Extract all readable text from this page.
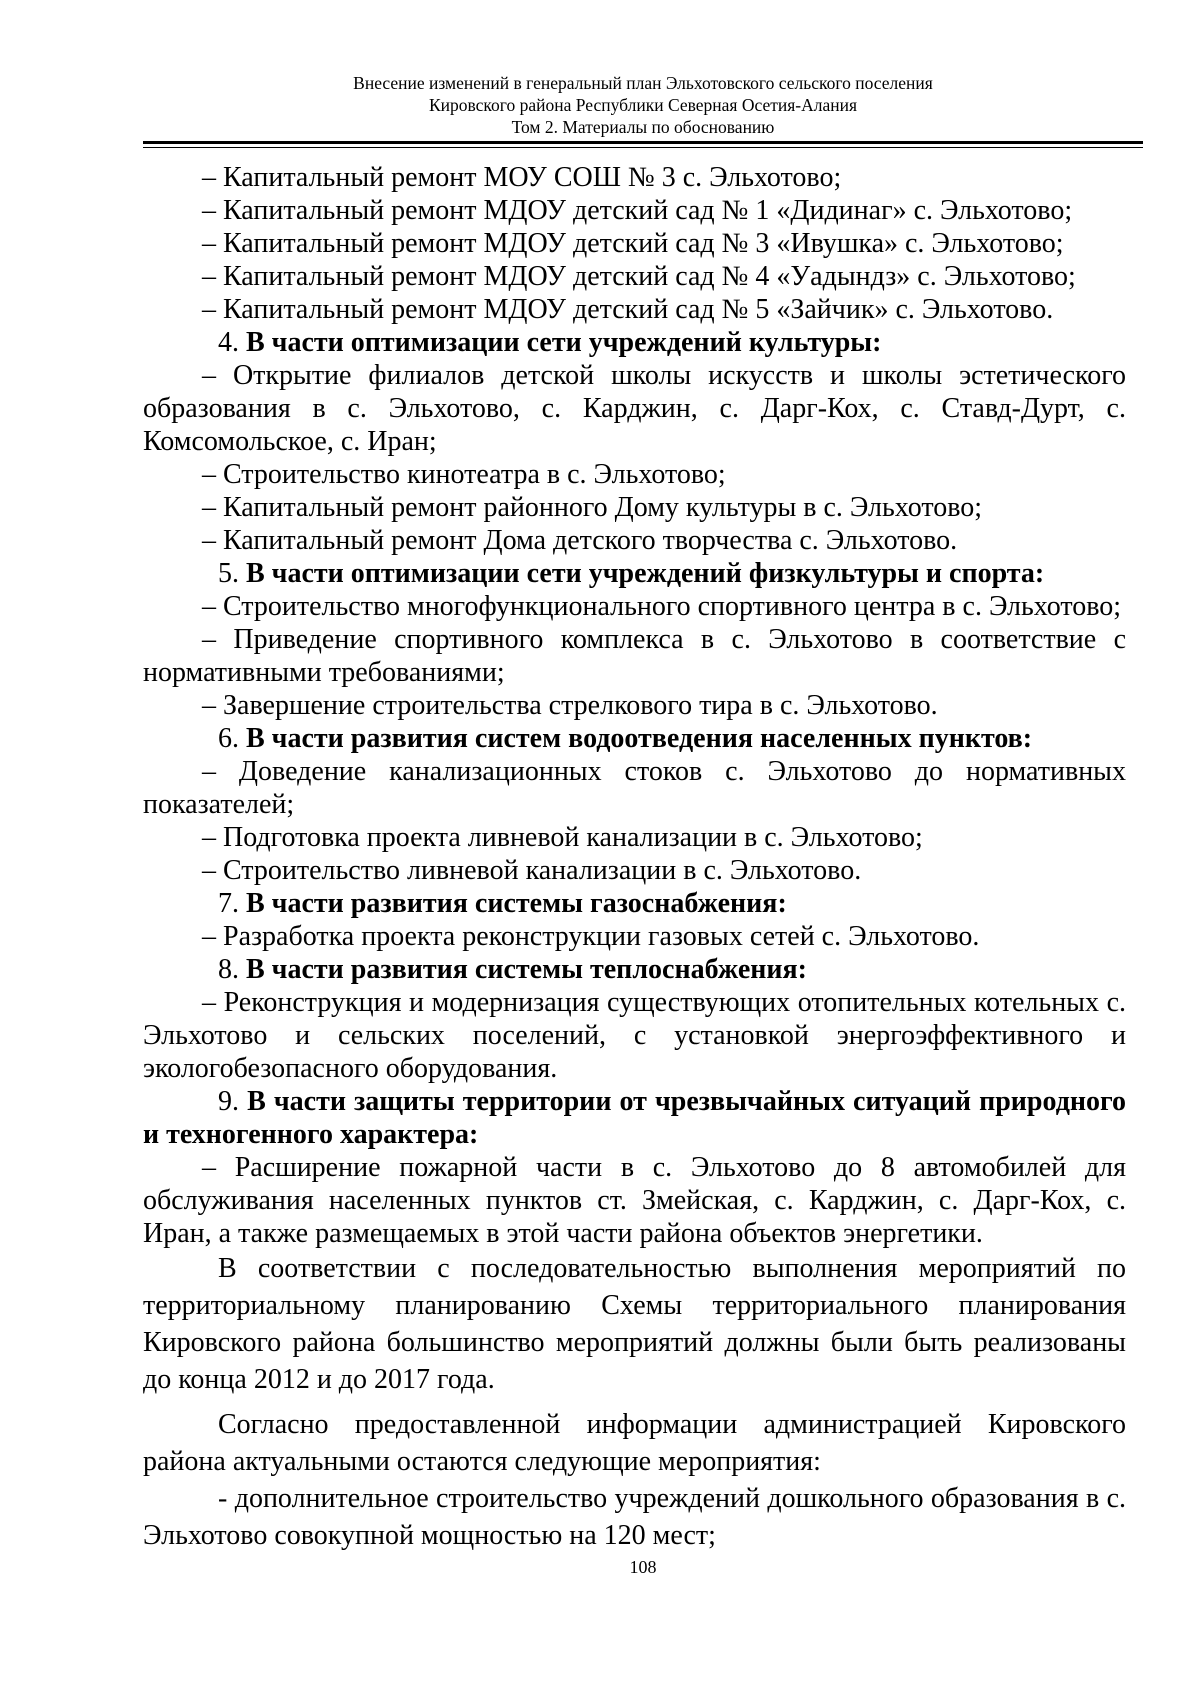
Внесение изменений в генеральный план Эльхотовского сельского поселения
Кировского района Республики Северная Осетия-Алания
Том 2. Материалы по обоснованию

– Капитальный ремонт МОУ СОШ № 3 с. Эльхотово;

– Капитальный ремонт МДОУ детский сад № 1 «Дидинаг» с. Эльхотово;

– Капитальный ремонт МДОУ детский сад № 3 «Ивушка» с. Эльхотово;

– Капитальный ремонт МДОУ детский сад № 4 «Уадындз» с. Эльхотово;

– Капитальный ремонт МДОУ детский сад № 5 «Зайчик» с. Эльхотово.

4. В части оптимизации сети учреждений культуры:

– Открытие филиалов детской школы искусств и школы эстетического образования в с. Эльхотово, с. Карджин, с. Дарг-Кох, с. Ставд-Дурт, с. Комсомольское, с. Иран;

– Строительство кинотеатра в с. Эльхотово;

– Капитальный ремонт районного Дому культуры в с. Эльхотово;

– Капитальный ремонт Дома детского творчества с. Эльхотово.

5. В части оптимизации сети учреждений физкультуры и спорта:

– Строительство многофункционального спортивного центра в с. Эльхотово;

– Приведение спортивного комплекса в с. Эльхотово в соответствие с нормативными требованиями;

– Завершение строительства стрелкового тира в с. Эльхотово.

6. В части развития систем водоотведения населенных пунктов:

– Доведение канализационных стоков с. Эльхотово до нормативных показателей;

– Подготовка проекта ливневой канализации в с. Эльхотово;

– Строительство ливневой канализации в с. Эльхотово.

7. В части развития системы газоснабжения:

– Разработка проекта реконструкции газовых сетей с. Эльхотово.

8. В части развития системы теплоснабжения:

– Реконструкция и модернизация существующих отопительных котельных с. Эльхотово и сельских поселений, с установкой энергоэффективного и экологобезопасного оборудования.

9. В части защиты территории от чрезвычайных ситуаций природного и техногенного характера:

– Расширение пожарной части в с. Эльхотово до 8 автомобилей для обслуживания населенных пунктов ст. Змейская, с. Карджин, с. Дарг-Кох, с. Иран, а также размещаемых в этой части района объектов энергетики.

В соответствии с последовательностью выполнения мероприятий по территориальному планированию Схемы территориального планирования Кировского района большинство мероприятий должны были быть реализованы до конца 2012 и до 2017 года.

Согласно предоставленной информации администрацией Кировского района актуальными остаются следующие мероприятия:

- дополнительное строительство учреждений дошкольного образования в с. Эльхотово совокупной мощностью на 120 мест;

108
